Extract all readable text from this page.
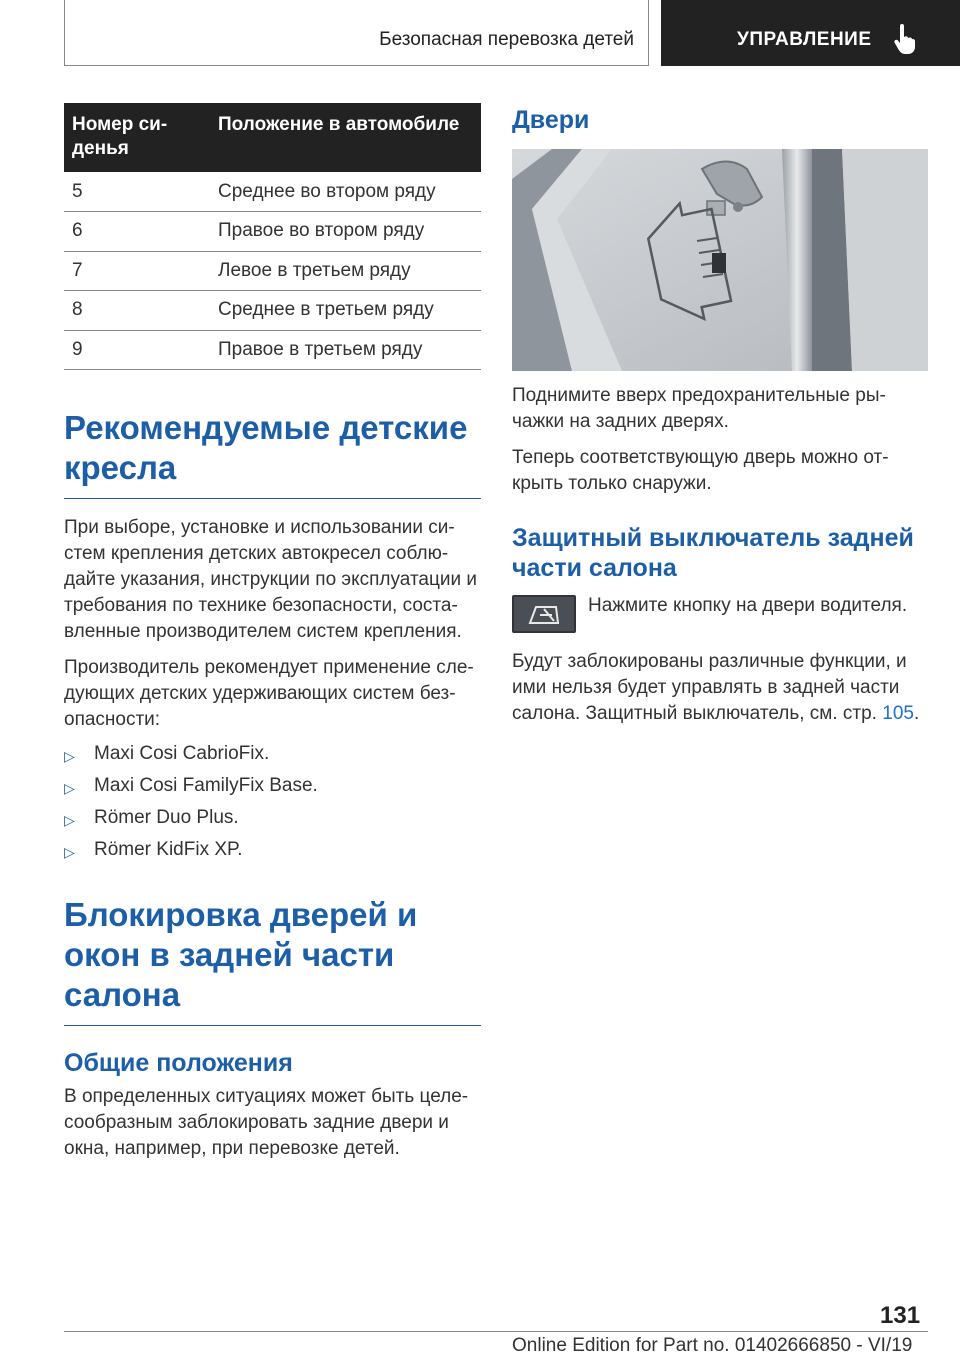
Безопасная перевозка детей	УПРАВЛЕНИЕ
Номер си- денья	Положение в автомобиле
5	Среднее во втором ряду
6	Правое во втором ряду
7	Левое в третьем ряду
8	Среднее в третьем ряду
9	Правое в третьем ряду
Рекомендуемые детские кресла

При выборе, установке и использовании си- стем крепления детских автокресел соблю- дайте указания, инструкции по эксплуатации и требования по технике безопасности, соста- вленные производителем систем крепления.

Производитель рекомендует применение сле- дующих детских удерживающих систем без- опасности:

▷ Maxi Cosi CabrioFix.
▷ Maxi Cosi FamilyFix Base.
▷ Römer Duo Plus.
▷ Römer KidFix XP.
Блокировка дверей и окон в задней части салона
Общие положения

В определенных ситуациях может быть целе- сообразным заблокировать задние двери и окна, например, при перевозке детей.

Двери

Поднимите вверх предохранительные ры- чажки на задних дверях.

Теперь соответствующую дверь можно от- крыть только снаружи.

Защитный выключатель задней части салона

Нажмите кнопку на двери водителя.

Будут заблокированы различные функции, и ими нельзя будет управлять в задней части салона. Защитный выключатель, см. стр. 105.

131
Online Edition for Part no. 01402666850 - VI/19
